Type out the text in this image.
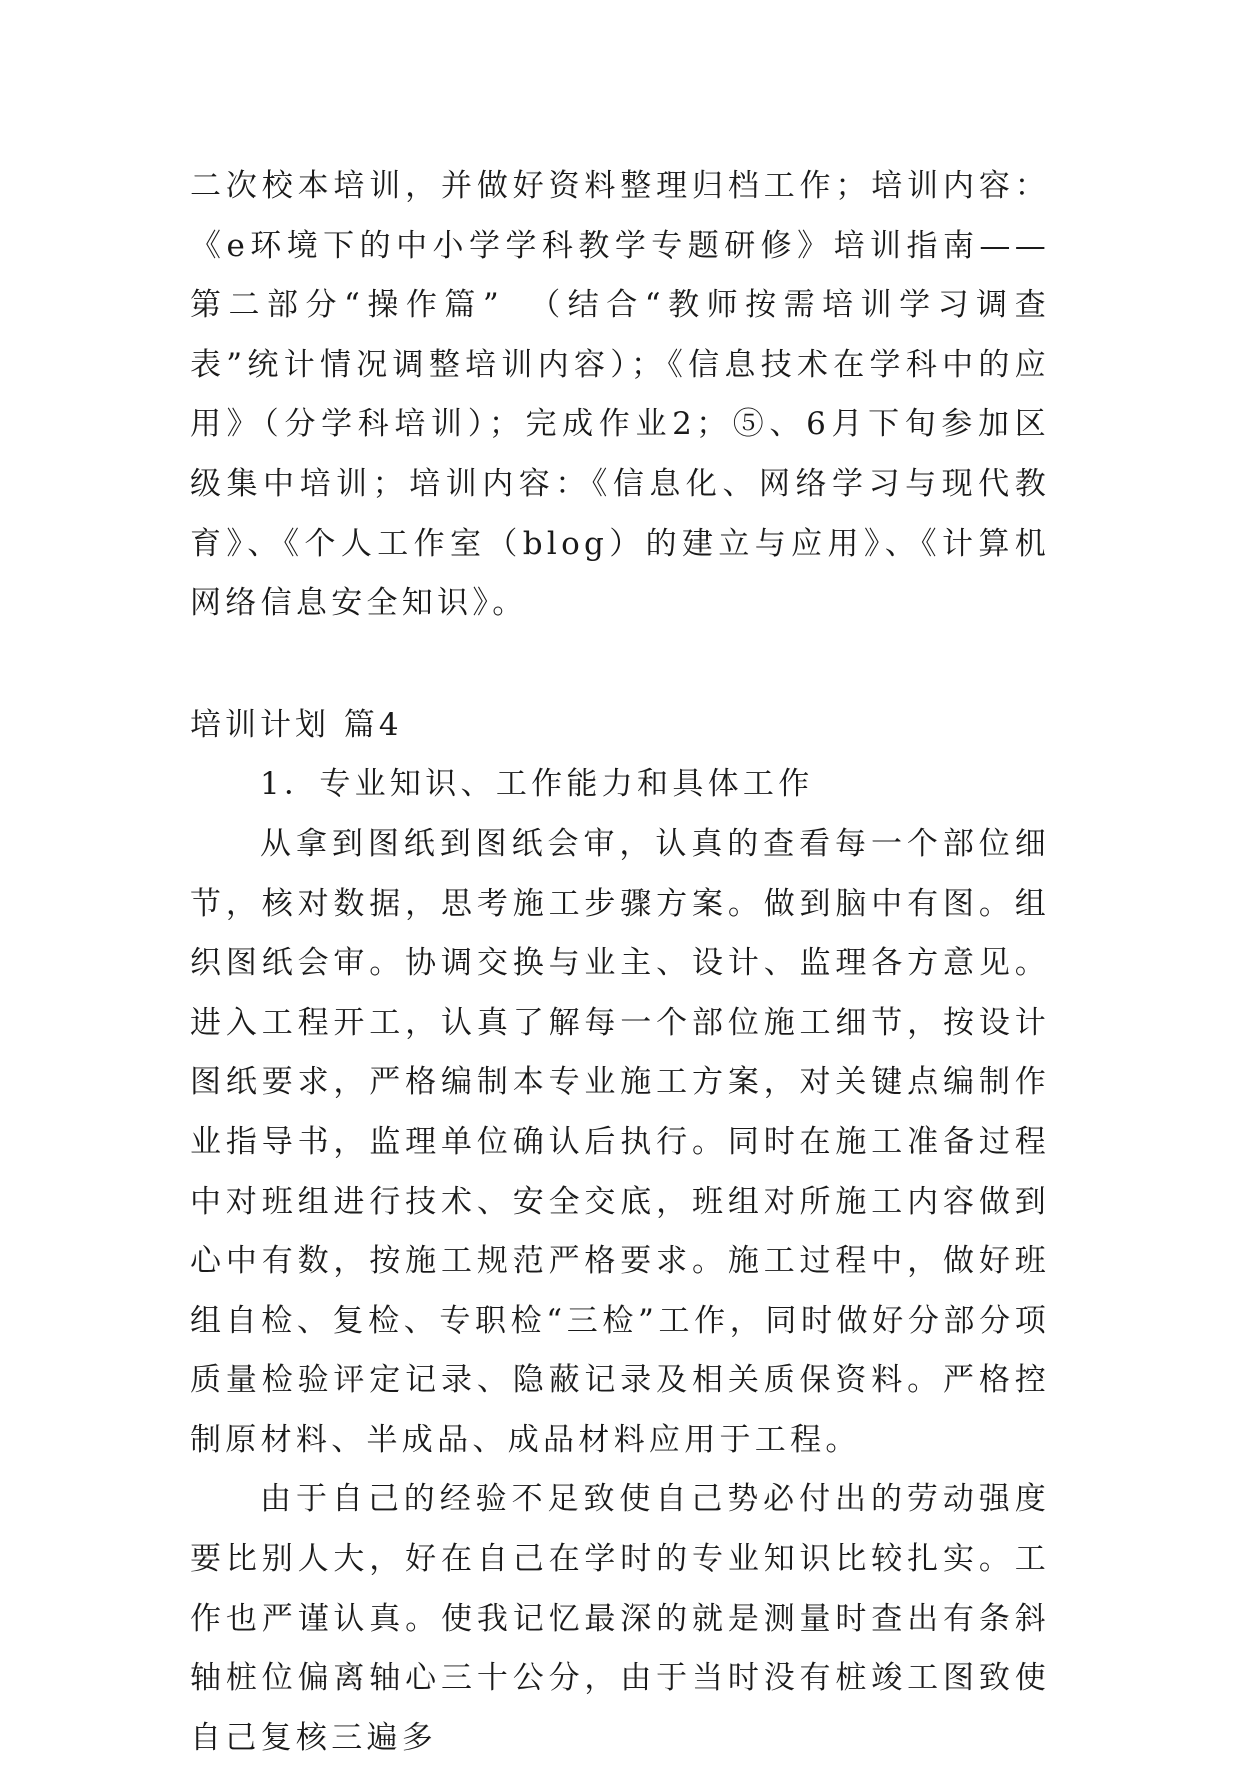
二次校本培训，并做好资料整理归档工作；培训内容：《e环境下的中小学学科教学专题研修》培训指南——第二部分“操作篇”　（结合“教师按需培训学习调查表”统计情况调整培训内容）；《信息技术在学科中的应用》（分学科培训）；完成作业2；⑤、6月下旬参加区级集中培训；培训内容：《信息化、网络学习与现代教育》、《个人工作室（blog）的建立与应用》、《计算机网络信息安全知识》。

培训计划 篇4

1．专业知识、工作能力和具体工作

从拿到图纸到图纸会审，认真的查看每一个部位细节，核对数据，思考施工步骤方案。做到脑中有图。组织图纸会审。协调交换与业主、设计、监理各方意见。进入工程开工，认真了解每一个部位施工细节，按设计图纸要求，严格编制本专业施工方案，对关键点编制作业指导书，监理单位确认后执行。同时在施工准备过程中对班组进行技术、安全交底，班组对所施工内容做到心中有数，按施工规范严格要求。施工过程中，做好班组自检、复检、专职检“三检”工作，同时做好分部分项质量检验评定记录、隐蔽记录及相关质保资料。严格控制原材料、半成品、成品材料应用于工程。

由于自己的经验不足致使自己势必付出的劳动强度要比别人大，好在自己在学时的专业知识比较扎实。工作也严谨认真。使我记忆最深的就是测量时查出有条斜轴桩位偏离轴心三十公分，由于当时没有桩竣工图致使自己复核三遍多
